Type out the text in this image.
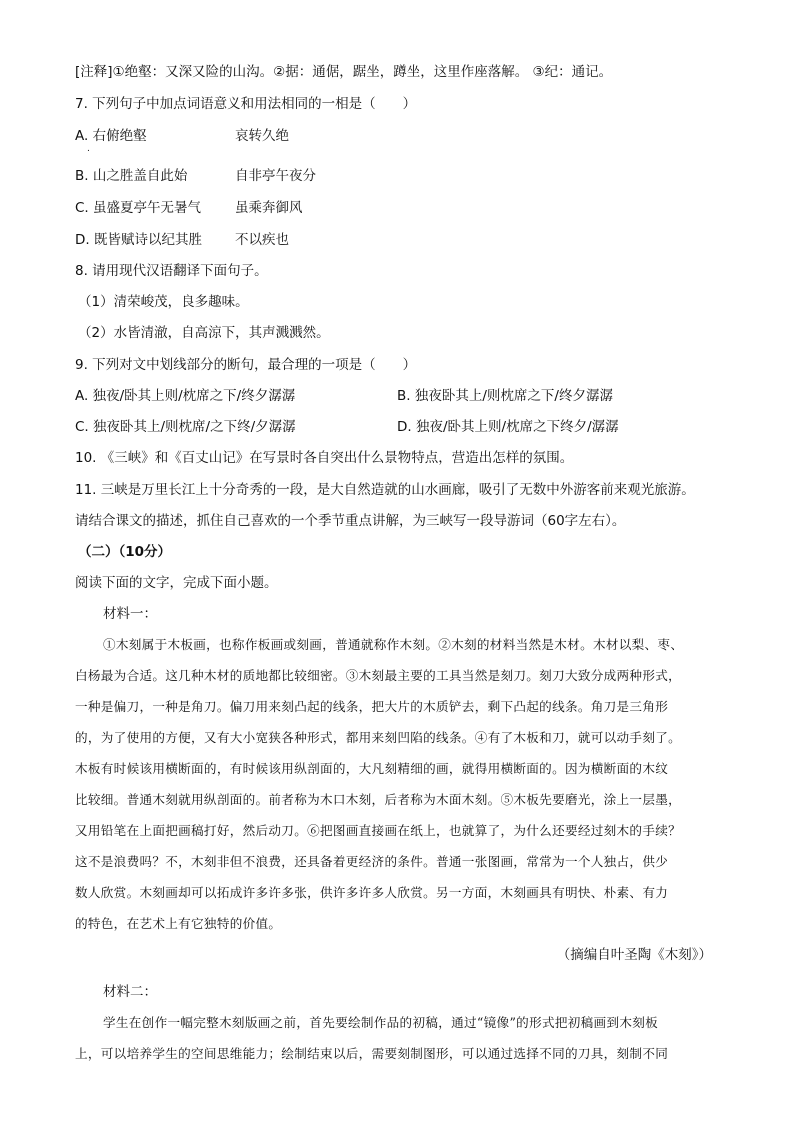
[注释]①绝壑：又深又险的山沟。②据：通倨，踞坐，蹲坐，这里作座落解。 ③纪：通记。
7. 下列句子中加点词语意义和用法相同的一相是（　　）
A. 右俯绝壑	哀转久绝
.
B. 山之胜盖自此始	自非亭午夜分
C. 虽盛夏亭午无暑气	虽乘奔御风
D. 既皆赋诗以纪其胜 不以疾也
8. 请用现代汉语翻译下面句子。
（1）清荣峻茂，良多趣味。
（2）水皆清澈，自高涼下，其声溅溅然。
9. 下列对文中划线部分的断句，最合理的一项是（　　）
A. 独夜/卧其上则/枕席之下/终夕潺潺	B. 独夜卧其上/则枕席之下/终夕潺潺
C. 独夜卧其上/则枕席/之下终/夕潺潺	D. 独夜/卧其上则/枕席之下终夕/潺潺
10. 《三峡》和《百丈山记》在写景时各自突出什么景物特点，营造出怎样的氛围。
11. 三峡是万里长江上十分奇秀的一段，是大自然造就的山水画廊，吸引了无数中外游客前来观光旅游。
请结合课文的描述，抓住自己喜欢的一个季节重点讲解，为三峡写一段导游词（60字左右）。
（二）（10分）
阅读下面的文字，完成下面小题。
材料一：
①木刻属于木板画，也称作板画或刻画，普通就称作木刻。②木刻的材料当然是木材。木材以梨、枣、
白杨最为合适。这几种木材的质地都比较细密。③木刻最主要的工具当然是刻刀。刻刀大致分成两种形式，
一种是偏刀，一种是角刀。偏刀用来刻凸起的线条，把大片的木质铲去，剩下凸起的线条。角刀是三角形
的，为了使用的方便，又有大小宽狭各种形式，都用来刻凹陷的线条。④有了木板和刀，就可以动手刻了。
木板有时候该用横断面的，有时候该用纵剖面的，大凡刻精细的画，就得用横断面的。因为横断面的木纹
比较细。普通木刻就用纵剖面的。前者称为木口木刻，后者称为木面木刻。⑤木板先要磨光，涂上一层墨，
又用铅笔在上面把画稿打好，然后动刀。⑥把图画直接画在纸上，也就算了，为什么还要经过刻木的手续？
这不是浪费吗？不，木刻非但不浪费，还具备着更经济的条件。普通一张图画，常常为一个人独占，供少
数人欣赏。木刻画却可以拓成许多许多张，供许多许多人欣赏。另一方面，木刻画具有明快、朴素、有力
的特色，在艺术上有它独特的价值。
（摘编自叶圣陶《木刻》）
材料二：
学生在创作一幅完整木刻版画之前，首先要绘制作品的初稿，通过“镜像”的形式把初稿画到木刻板
上，可以培养学生的空间思维能力；绘制结束以后，需要刻制图形，可以通过选择不同的刀具，刻制不同
